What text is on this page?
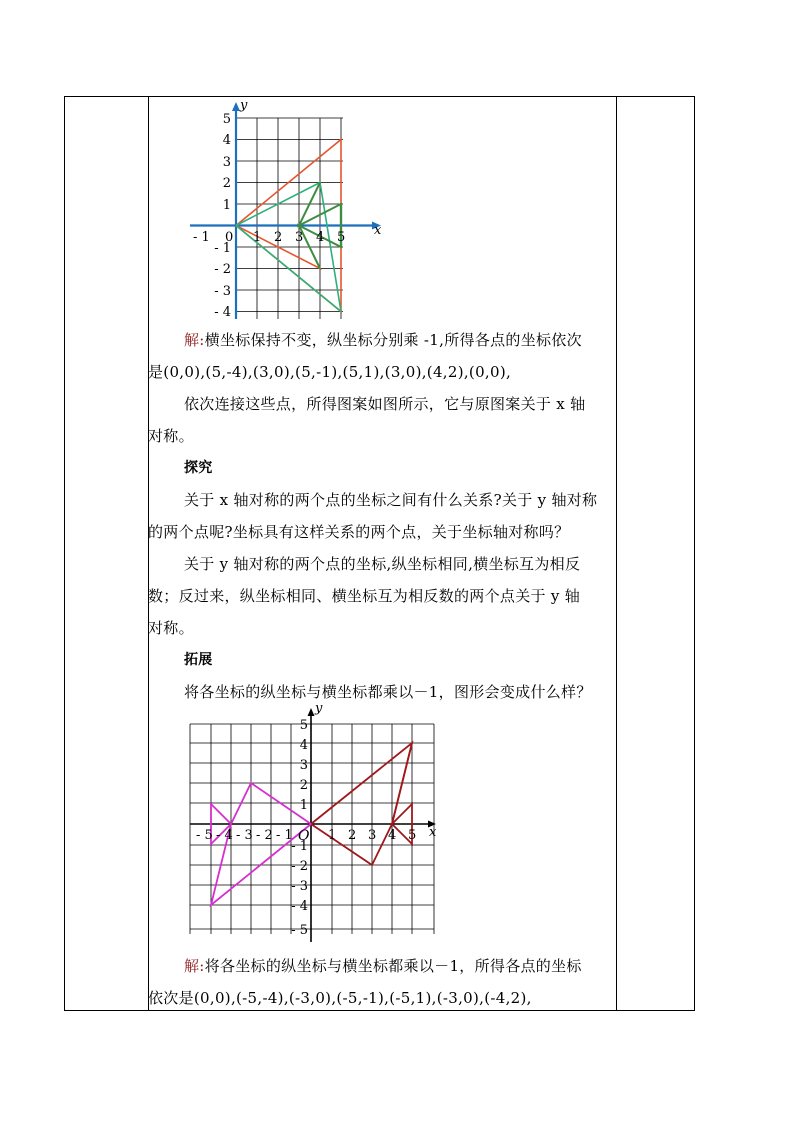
y
x
- 1 0 1 2 3 4 5
5
4
3
2
1
- 1
- 2
- 3
- 4
解:横坐标保持不变，纵坐标分别乘 -1,所得各点的坐标依次
是(0,0),(5,-4),(3,0),(5,-1),(5,1),(3,0),(4,2),(0,0),
依次连接这些点，所得图案如图所示，它与原图案关于 x 轴
对称。
探究
关于 x 轴对称的两个点的坐标之间有什么关系?关于 y 轴对称
的两个点呢?坐标具有这样关系的两个点，关于坐标轴对称吗？
关于 y 轴对称的两个点的坐标,纵坐标相同,横坐标互为相反
数；反过来，纵坐标相同、横坐标互为相反数的两个点关于 y 轴
对称。
拓展
将各坐标的纵坐标与横坐标都乘以－1，图形会变成什么样？
y
x
O
- 5 - 4 - 3 - 2 - 1	1 2 3 4 5
5
4
3
2
1
- 1
- 2
- 3
- 4
- 5
解:将各坐标的纵坐标与横坐标都乘以－1，所得各点的坐标
依次是(0,0),(-5,-4),(-3,0),(-5,-1),(-5,1),(-3,0),(-4,2),
